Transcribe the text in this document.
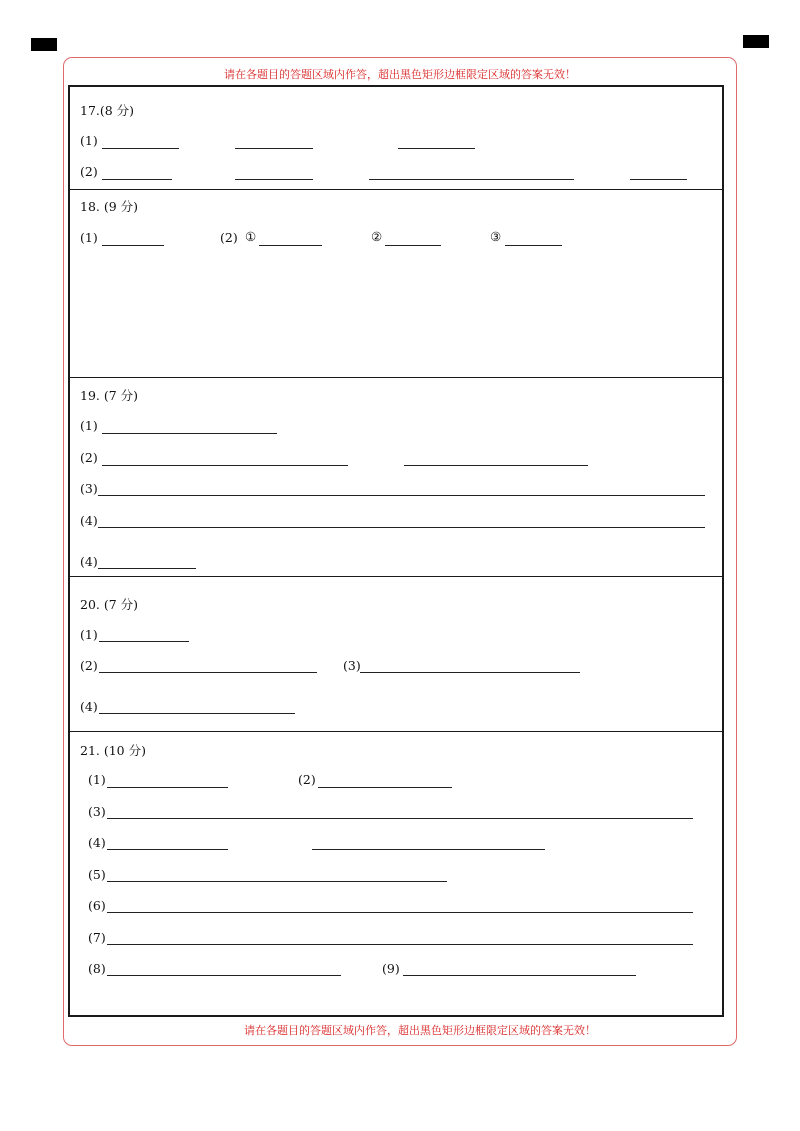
请在各题目的答题区域内作答，超出黑色矩形边框限定区域的答案无效！
请在各题目的答题区域内作答，超出黑色矩形边框限定区域的答案无效！
17.(8 分)
(1)
(2)
18. (9 分)
(1)	(2) ①	②	③
19. (7 分)
(1)
(2)
(3)
(4)
(4)
20. (7 分)
(1)
(2)	(3)
(4)
21. (10 分)
(1)	(2)
(3)
(4)
(5)
(6)
(7)
(8)	(9)
